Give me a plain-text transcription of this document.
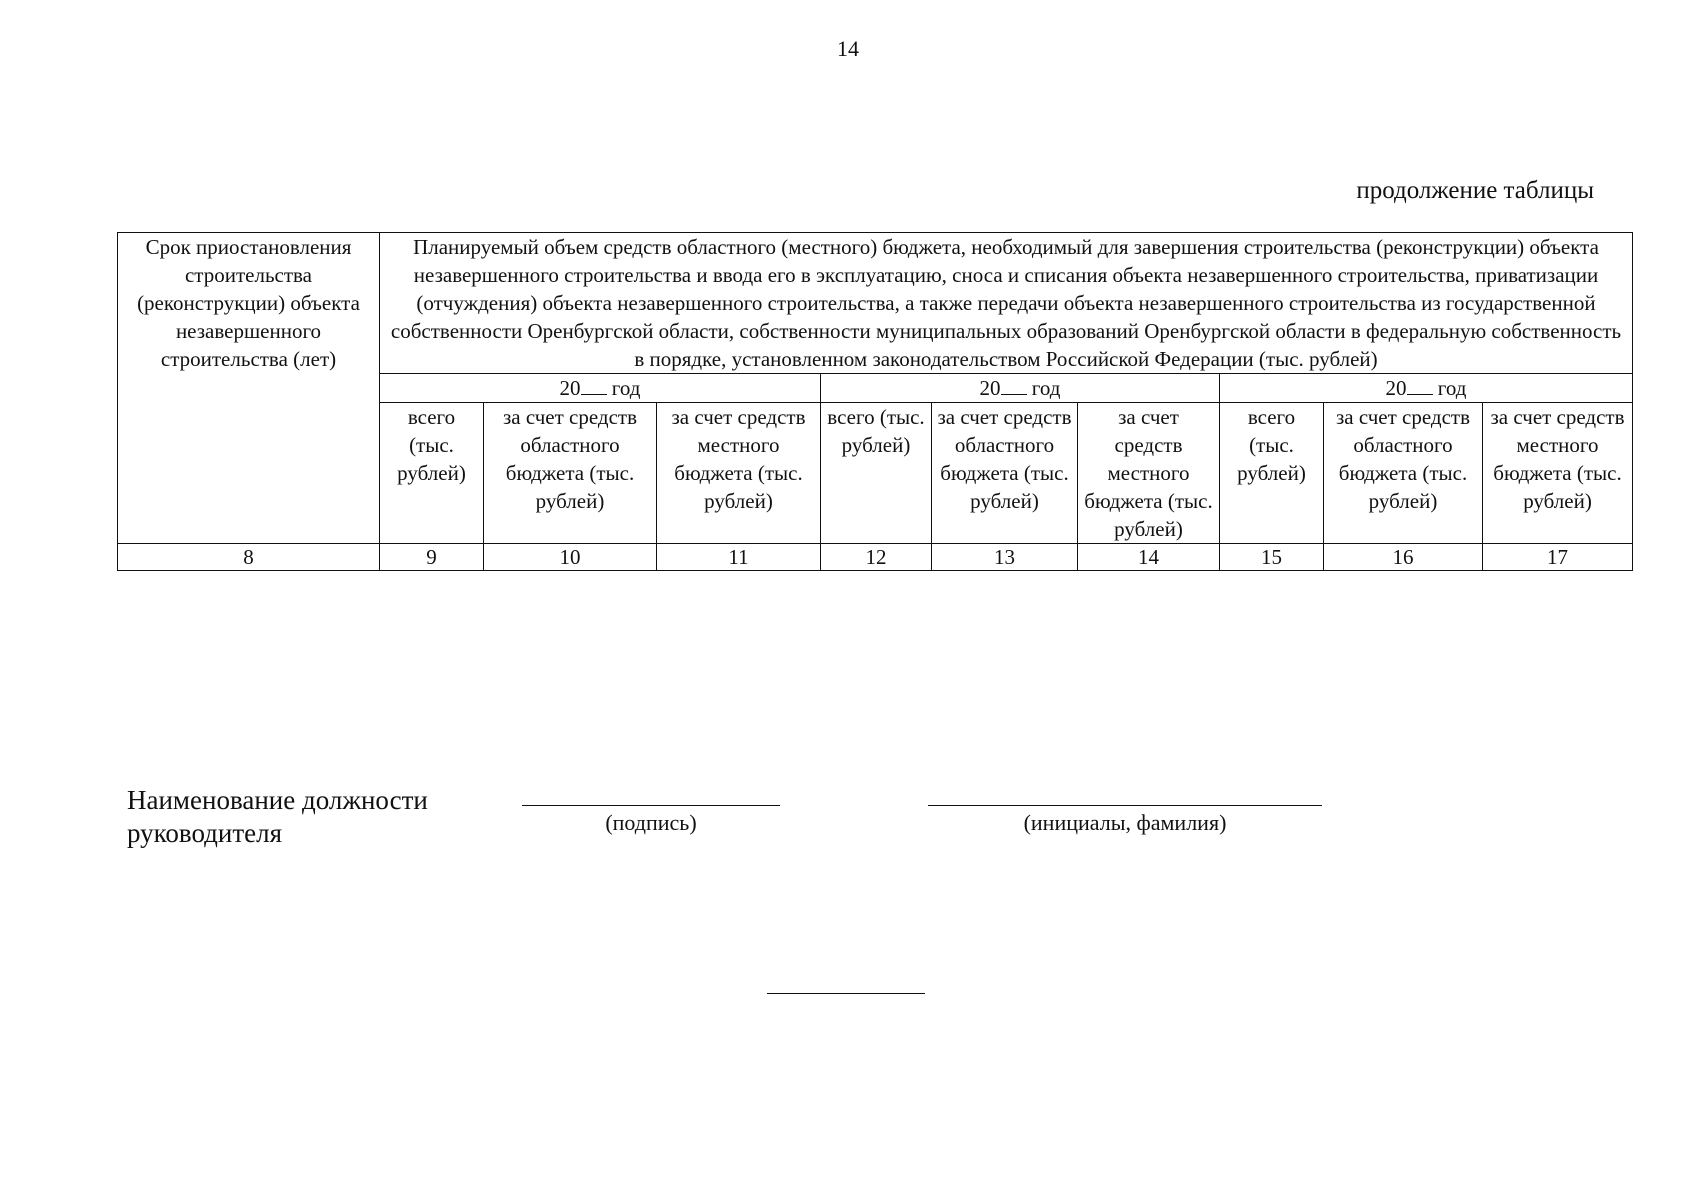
14
продолжение таблицы
Срок приостановления строительства (реконструкции) объекта незавершенного строительства (лет)	Планируемый объем средств областного (местного) бюджета, необходимый для завершения строительства (реконструкции) объекта незавершенного строительства и ввода его в эксплуатацию, сноса и списания объекта незавершенного строительства, приватизации (отчуждения) объекта незавершенного строительства, а также передачи объекта незавершенного строительства из государственной собственности Оренбургской области, собственности муниципальных образований Оренбургской области в федеральную собственность в порядке, установленном законодательством Российской Федерации (тыс. рублей)								
	20 год			20 год			20 год		
	всего (тыс. рублей)	за счет средств областного бюджета (тыс. рублей)	за счет средств местного бюджета (тыс. рублей)	всего (тыс. рублей)	за счет средств областного бюджета (тыс. рублей)	за счет средств местного бюджета (тыс. рублей)	всего (тыс. рублей)	за счет средств областного бюджета (тыс. рублей)	за счет средств местного бюджета (тыс. рублей)
8	9	10	11	12	13	14	15	16	17
Наименование должности
руководителя	(подпись)	(инициалы, фамилия)
